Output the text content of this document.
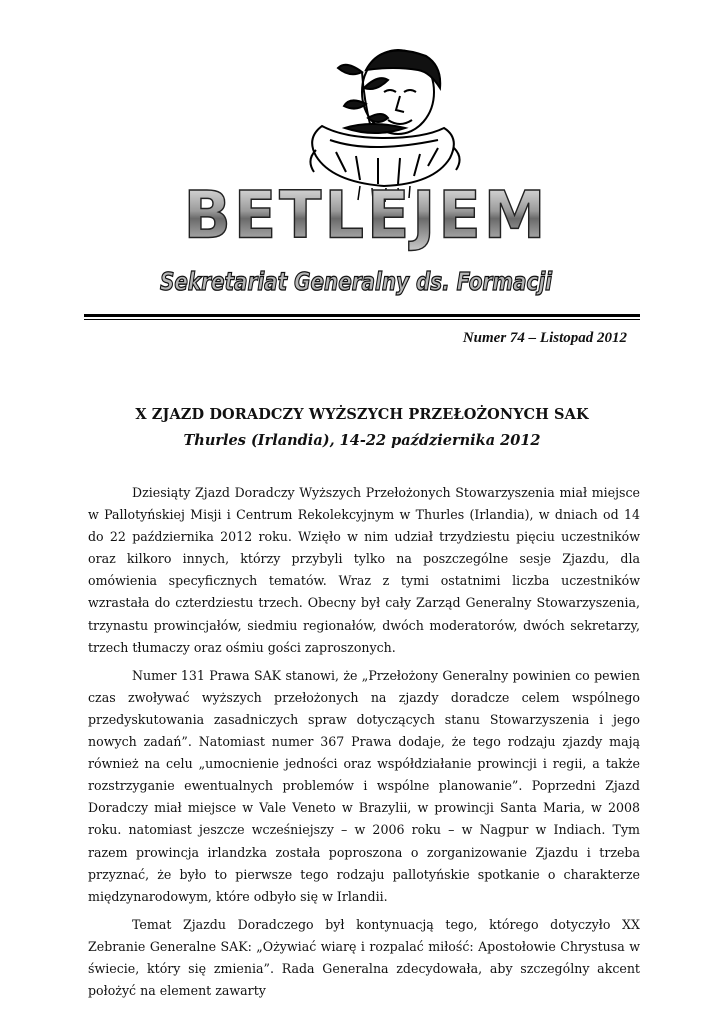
BETLEJEM
Sekretariat Generalny ds. Formacji
Numer 74 – Listopad 2012
X ZJAZD DORADCZY WYŻSZYCH PRZEŁOŻONYCH SAK
Thurles (Irlandia), 14-22 października 2012

Dziesiąty Zjazd Doradczy Wyższych Przełożonych Stowarzyszenia miał miejsce w Pallotyńskiej Misji i Centrum Rekolekcyjnym w Thurles (Irlandia), w dniach od 14 do 22 października 2012 roku. Wzięło w nim udział trzydziestu pięciu uczestników oraz kilkoro innych, którzy przybyli tylko na poszczególne sesje Zjazdu, dla omówienia specyficznych tematów. Wraz z tymi ostatnimi liczba uczestników wzrastała do czterdziestu trzech. Obecny był cały Zarząd Generalny Stowarzyszenia, trzynastu prowincjałów, siedmiu regionałów, dwóch moderatorów, dwóch sekretarzy, trzech tłumaczy oraz ośmiu gości zaproszonych.

Numer 131 Prawa SAK stanowi, że „Przełożony Generalny powinien co pewien czas zwoływać wyższych przełożonych na zjazdy doradcze celem wspólnego przedyskutowania zasadniczych spraw dotyczących stanu Stowarzyszenia i jego nowych zadań”. Natomiast numer 367 Prawa dodaje, że tego rodzaju zjazdy mają również na celu „umocnienie jedności oraz współdziałanie prowincji i regii, a także rozstrzyganie ewentualnych problemów i wspólne planowanie”. Poprzedni Zjazd Doradczy miał miejsce w Vale Veneto w Brazylii, w prowincji Santa Maria, w 2008 roku. natomiast jeszcze wcześniejszy – w 2006 roku – w Nagpur w Indiach. Tym razem prowincja irlandzka została poproszona o zorganizowanie Zjazdu i trzeba przyznać, że było to pierwsze tego rodzaju pallotyńskie spotkanie o charakterze międzynarodowym, które odbyło się w Irlandii.

Temat Zjazdu Doradczego był kontynuacją tego, którego dotyczyło XX Zebranie Generalne SAK: „Ożywiać wiarę i rozpalać miłość: Apostołowie Chrystusa w świecie, który się zmienia”. Rada Generalna zdecydowała, aby szczególny akcent położyć na element zawarty
